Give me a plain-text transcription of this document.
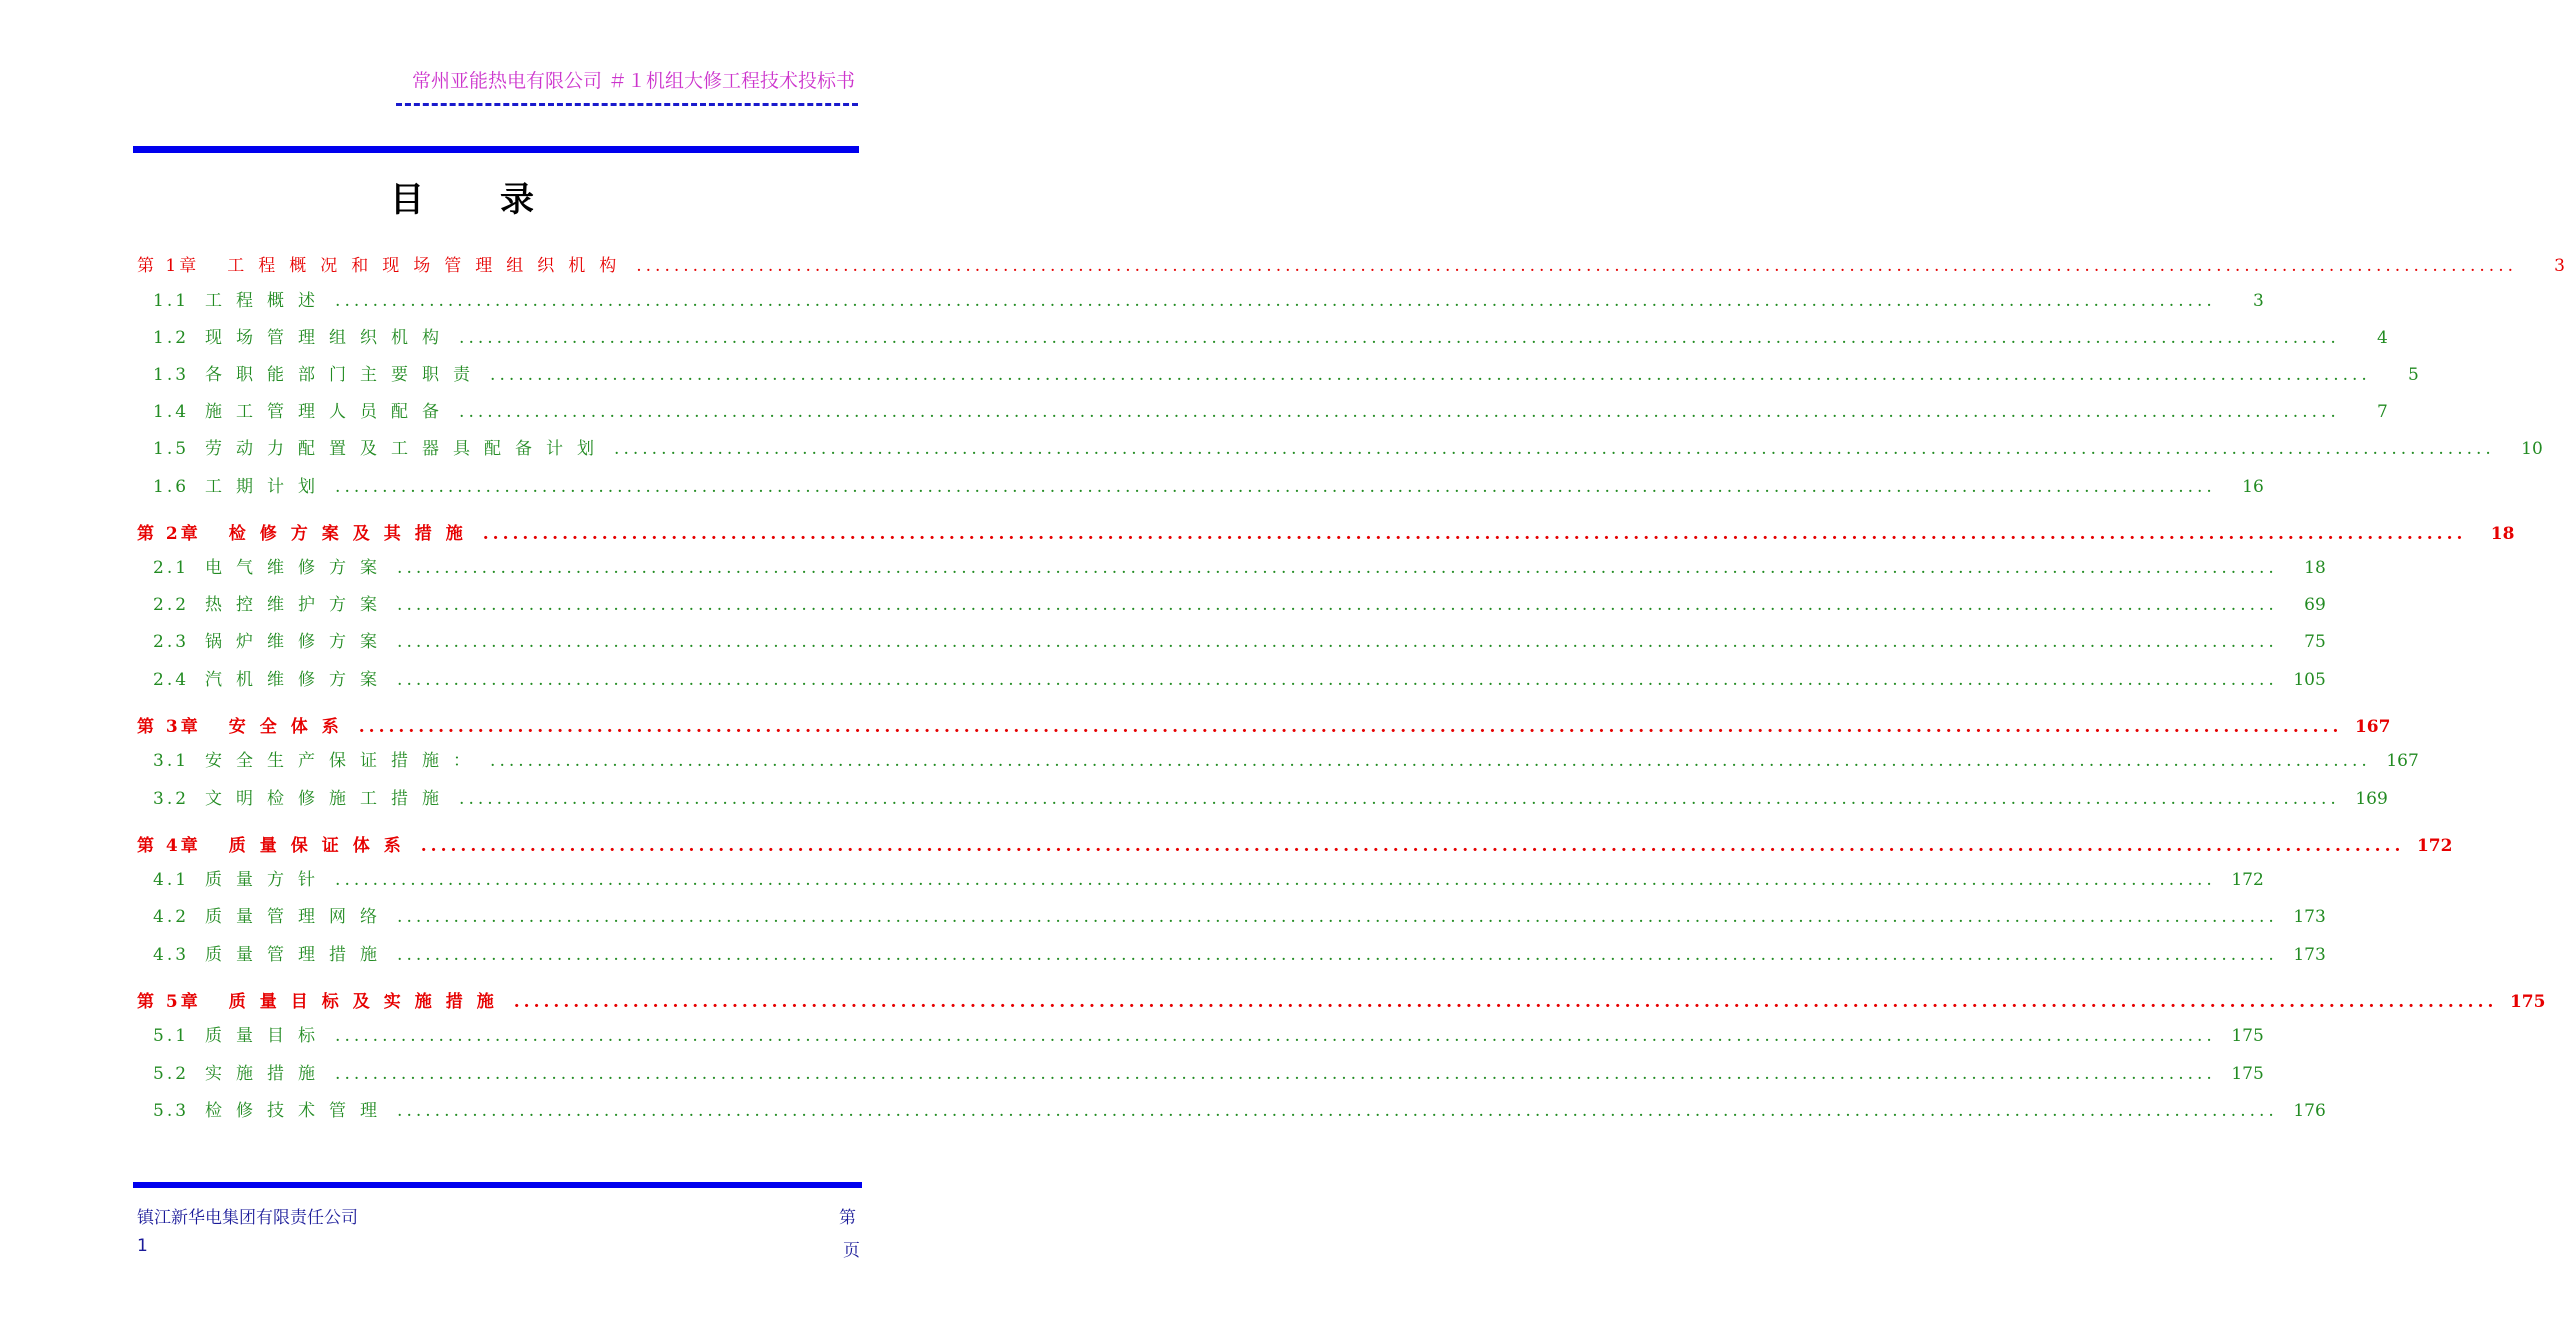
常州亚能热电有限公司 ＃１机组大修工程技术投标书
目录
第 1章 工程概况和现场管理组织机构 ........................................................................................................................................................................................................	3
1.1 工程概述 ........................................................................................................................................................................................................	3
1.2 现场管理组织机构 ........................................................................................................................................................................................................	4
1.3 各职能部门主要职责 ........................................................................................................................................................................................................	5
1.4 施工管理人员配备 ........................................................................................................................................................................................................	7
1.5 劳动力配置及工器具配备计划 ........................................................................................................................................................................................................	10
1.6 工期计划 ........................................................................................................................................................................................................	16
第 2章 检修方案及其措施 ........................................................................................................................................................................................................	18
2.1 电气维修方案 ........................................................................................................................................................................................................	18
2.2 热控维护方案 ........................................................................................................................................................................................................	69
2.3 锅炉维修方案 ........................................................................................................................................................................................................	75
2.4 汽机维修方案 ........................................................................................................................................................................................................ 105
第 3章 安全体系 ........................................................................................................................................................................................................ 167
3.1 安全生产保证措施： ........................................................................................................................................................................................................ 167
3.2 文明检修施工措施 ........................................................................................................................................................................................................ 169
第 4章 质量保证体系 ........................................................................................................................................................................................................ 172
4.1 质量方针 ........................................................................................................................................................................................................ 172
4.2 质量管理网络 ........................................................................................................................................................................................................ 173
4.3 质量管理措施 ........................................................................................................................................................................................................ 173
第 5章 质量目标及实施措施 ........................................................................................................................................................................................................ 175
5.1 质量目标 ........................................................................................................................................................................................................ 175
5.2 实施措施 ........................................................................................................................................................................................................ 175
5.3 检修技术管理 ........................................................................................................................................................................................................ 176
镇江新华电集团有限责任公司	第
1	页
